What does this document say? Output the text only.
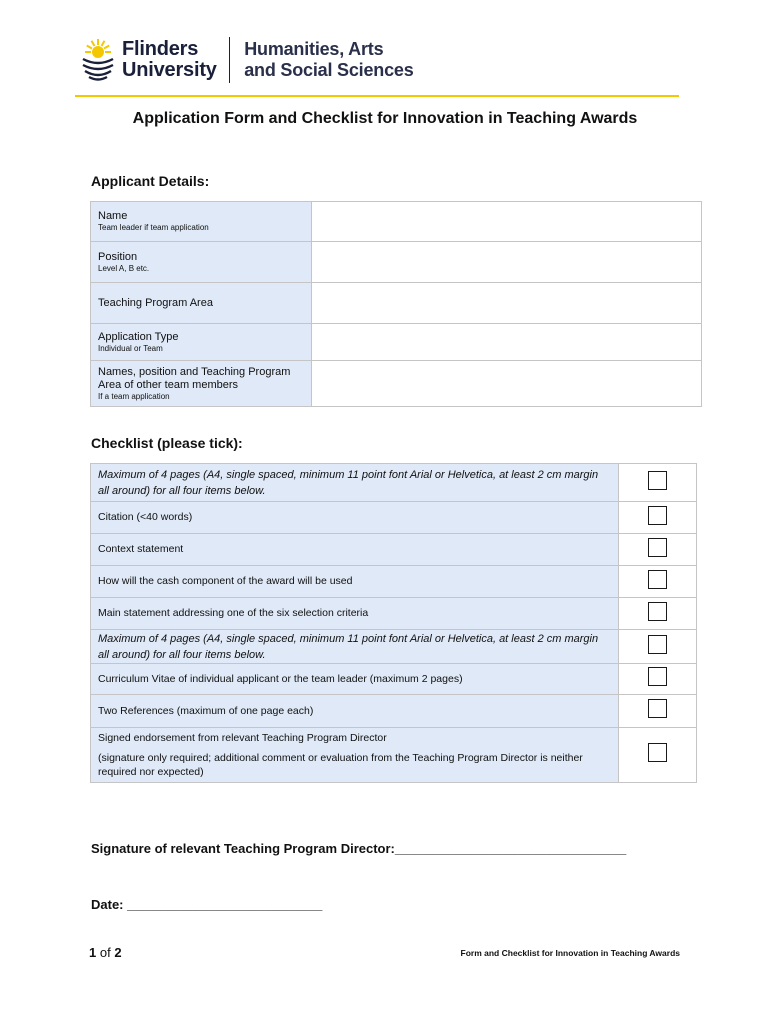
Flinders
University
Humanities, Arts
and Social Sciences
Application Form and Checklist for Innovation in Teaching Awards
Applicant Details:
Name
Team leader if team application	

Position
Level A, B etc.	

Teaching Program Area	

Application Type
Individual or Team	

Names, position and Teaching Program Area of other team members
If a team application	

Checklist (please tick):
Maximum of 4 pages (A4, single spaced, minimum 11 point font Arial or Helvetica, at least 2 cm margin all around) for all four items below.	
Citation (<40 words)	
Context statement	
How will the cash component of the award will be used	
Main statement addressing one of the six selection criteria	
Maximum of 4 pages (A4, single spaced, minimum 11 point font Arial or Helvetica, at least 2 cm margin all around) for all four items below.	
Curriculum Vitae of individual applicant or the team leader (maximum 2 pages)	
Two References (maximum of one page each)	

Signed endorsement from relevant Teaching Program Director
(signature only required; additional comment or evaluation from the Teaching Program Director is neither required nor expected)	

Signature of relevant Teaching Program Director:________________________________
Date: ___________________________
1 of 2	Form and Checklist for Innovation in Teaching Awards
